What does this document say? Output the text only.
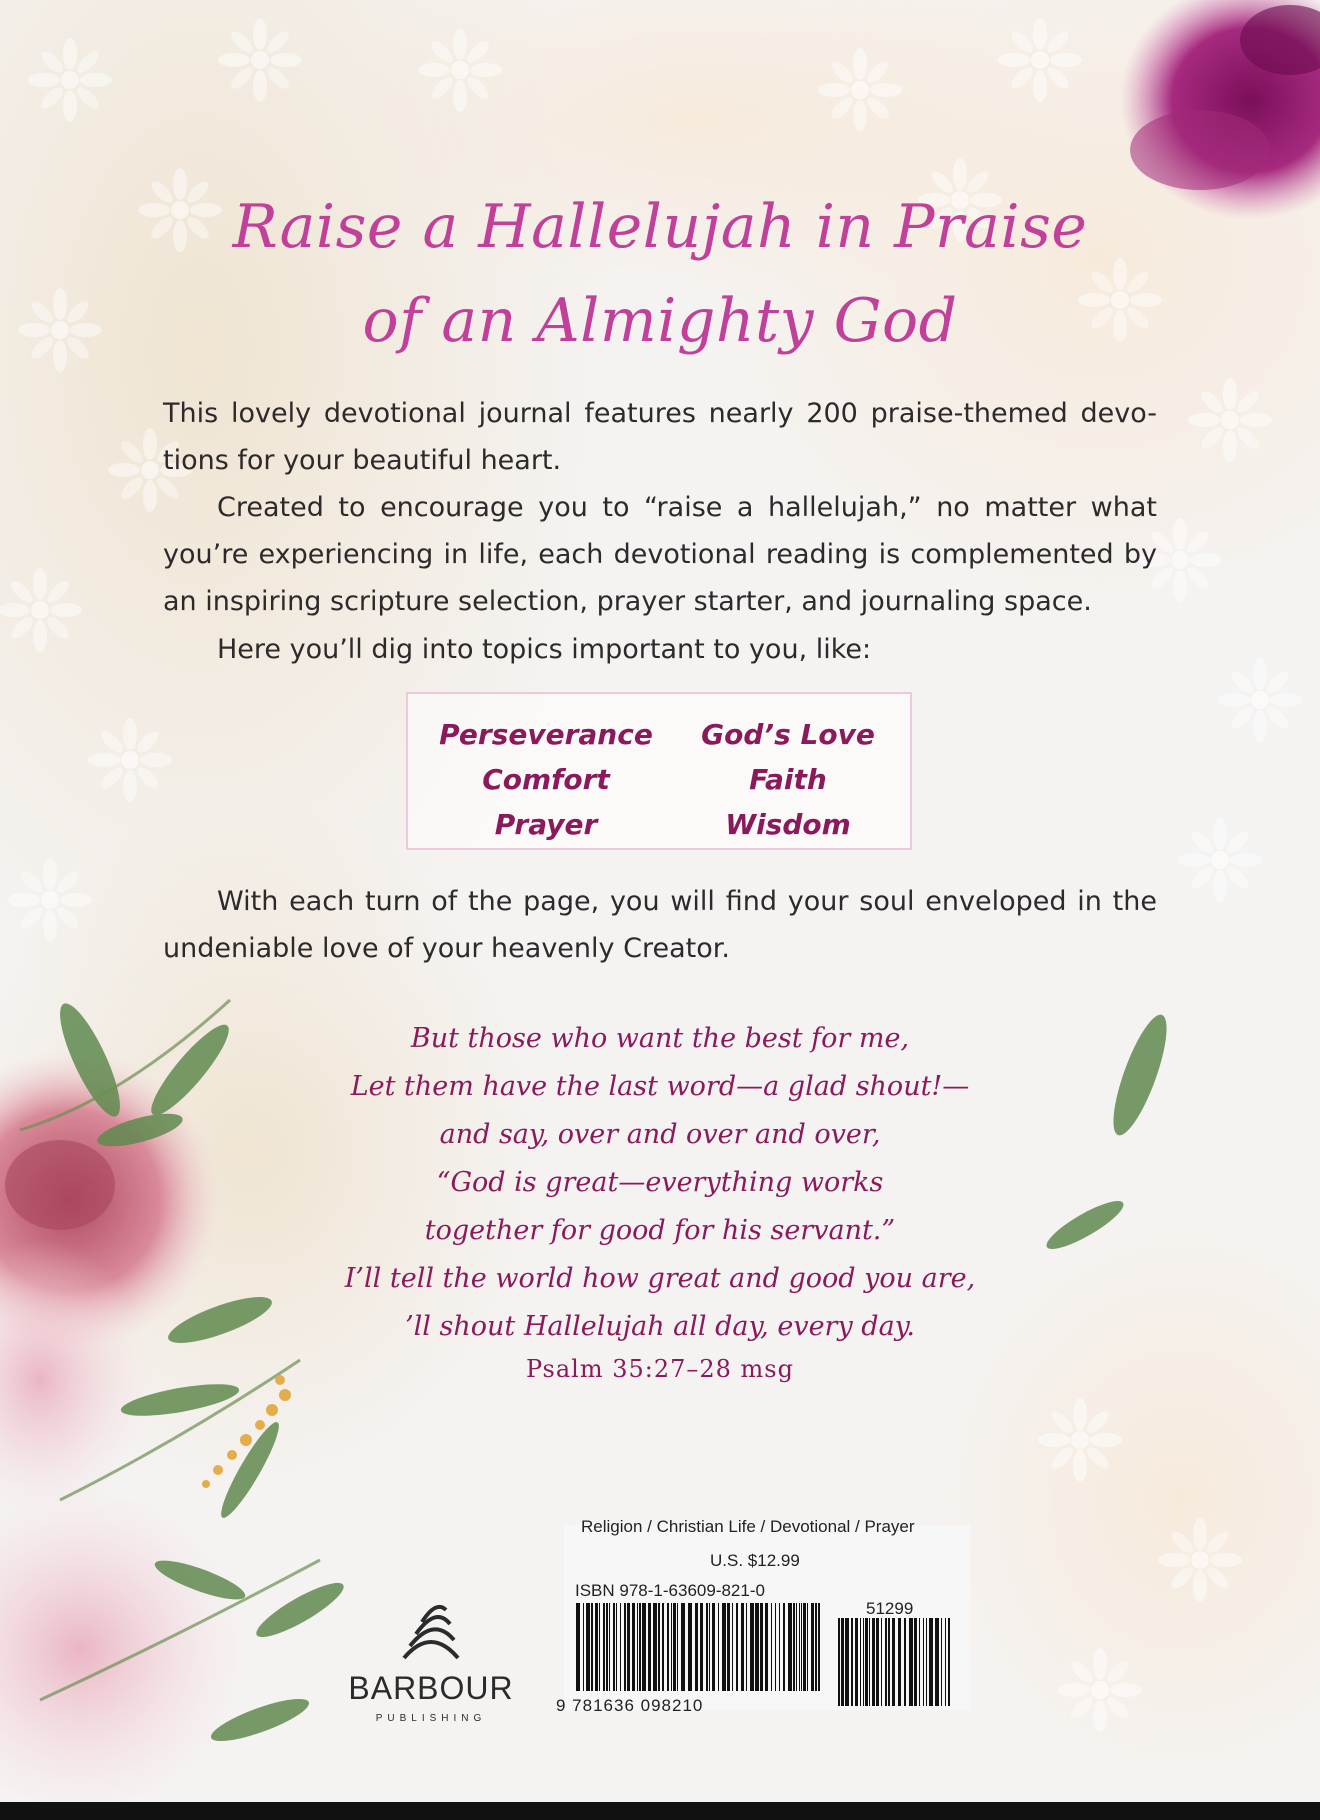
Raise a Hallelujah in Praise
of an Almighty God
This lovely devotional journal features nearly 200 praise-themed devo-
tions for your beautiful heart.
Created to encourage you to “raise a hallelujah,” no matter what
you’re experiencing in life, each devotional reading is complemented by
an inspiring scripture selection, prayer starter, and journaling space.
Here you’ll dig into topics important to you, like:
Perseverance
Comfort
Prayer
God’s Love
Faith
Wisdom
With each turn of the page, you will find your soul enveloped in the
undeniable love of your heavenly Creator.
But those who want the best for me,
Let them have the last word—a glad shout!—
and say, over and over and over,
“God is great—everything works
together for good for his servant.”
I’ll tell the world how great and good you are,
’ll shout Hallelujah all day, every day.
Psalm 35:27–28 msg
BARBOUR
PUBLISHING
Religion / Christian Life / Devotional / Prayer
U.S. $12.99
ISBN 978-1-63609-821-0
51299
9 781636 098210
